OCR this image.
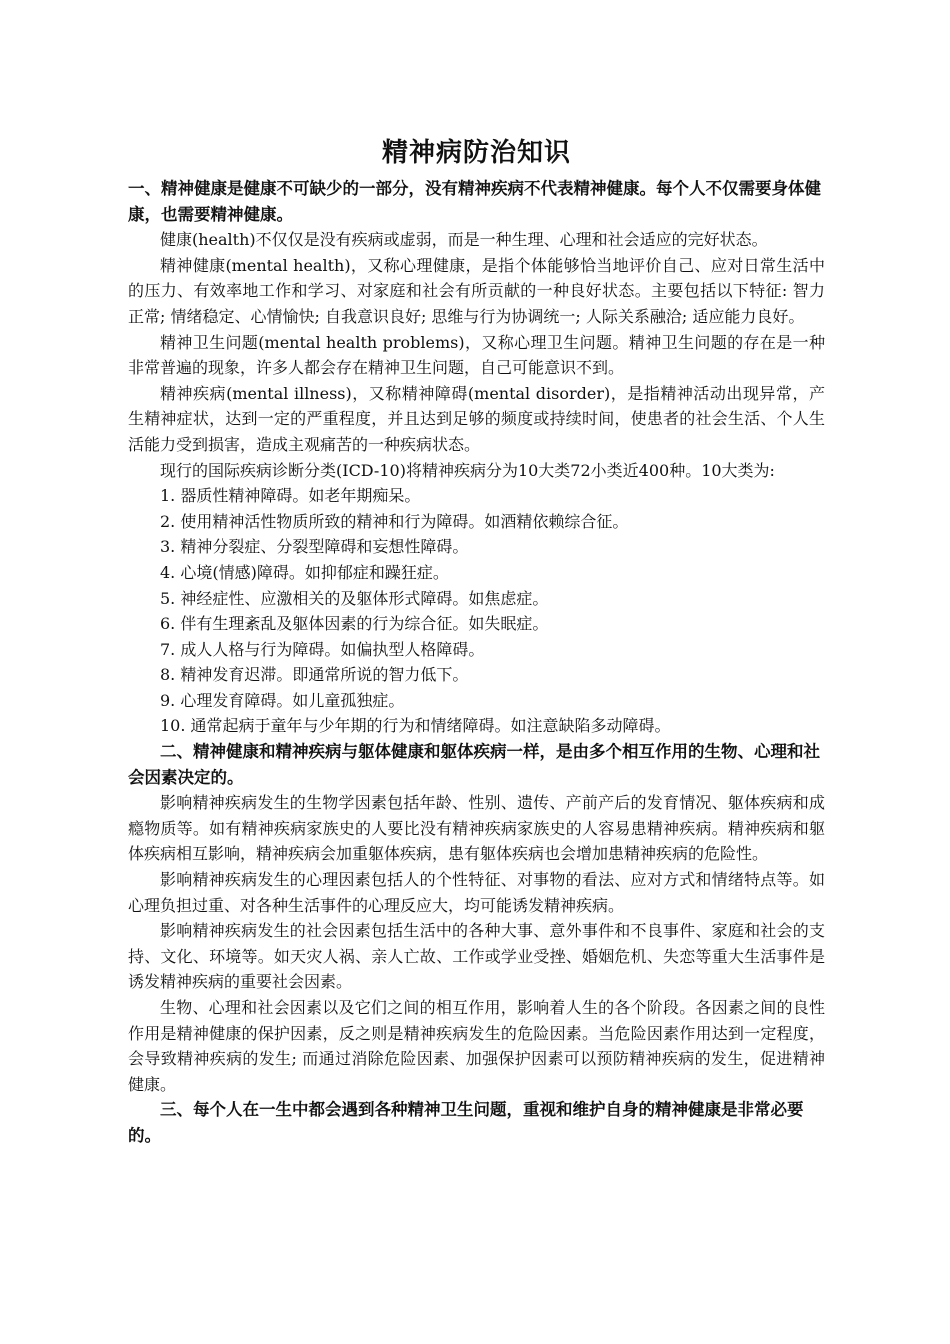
精神病防治知识

一、精神健康是健康不可缺少的一部分，没有精神疾病不代表精神健康。每个人不仅需要身体健康，也需要精神健康。

健康(health)不仅仅是没有疾病或虚弱，而是一种生理、心理和社会适应的完好状态。

精神健康(mental health)，又称心理健康，是指个体能够恰当地评价自己、应对日常生活中的压力、有效率地工作和学习、对家庭和社会有所贡献的一种良好状态。主要包括以下特征: 智力正常; 情绪稳定、心情愉快; 自我意识良好; 思维与行为协调统一; 人际关系融洽; 适应能力良好。

精神卫生问题(mental health problems)，又称心理卫生问题。精神卫生问题的存在是一种非常普遍的现象，许多人都会存在精神卫生问题，自己可能意识不到。

精神疾病(mental illness)，又称精神障碍(mental disorder)，是指精神活动出现异常，产生精神症状，达到一定的严重程度，并且达到足够的频度或持续时间，使患者的社会生活、个人生活能力受到损害，造成主观痛苦的一种疾病状态。

现行的国际疾病诊断分类(ICD-10)将精神疾病分为10大类72小类近400种。10大类为:

1. 器质性精神障碍。如老年期痴呆。
2. 使用精神活性物质所致的精神和行为障碍。如酒精依赖综合征。
3. 精神分裂症、分裂型障碍和妄想性障碍。
4. 心境(情感)障碍。如抑郁症和躁狂症。
5. 神经症性、应激相关的及躯体形式障碍。如焦虑症。
6. 伴有生理紊乱及躯体因素的行为综合征。如失眠症。
7. 成人人格与行为障碍。如偏执型人格障碍。
8. 精神发育迟滞。即通常所说的智力低下。
9. 心理发育障碍。如儿童孤独症。
10. 通常起病于童年与少年期的行为和情绪障碍。如注意缺陷多动障碍。

二、精神健康和精神疾病与躯体健康和躯体疾病一样，是由多个相互作用的生物、心理和社会因素决定的。

影响精神疾病发生的生物学因素包括年龄、性别、遗传、产前产后的发育情况、躯体疾病和成瘾物质等。如有精神疾病家族史的人要比没有精神疾病家族史的人容易患精神疾病。精神疾病和躯体疾病相互影响，精神疾病会加重躯体疾病，患有躯体疾病也会增加患精神疾病的危险性。

影响精神疾病发生的心理因素包括人的个性特征、对事物的看法、应对方式和情绪特点等。如心理负担过重、对各种生活事件的心理反应大，均可能诱发精神疾病。

影响精神疾病发生的社会因素包括生活中的各种大事、意外事件和不良事件、家庭和社会的支持、文化、环境等。如天灾人祸、亲人亡故、工作或学业受挫、婚姻危机、失恋等重大生活事件是诱发精神疾病的重要社会因素。

生物、心理和社会因素以及它们之间的相互作用，影响着人生的各个阶段。各因素之间的良性作用是精神健康的保护因素，反之则是精神疾病发生的危险因素。当危险因素作用达到一定程度，会导致精神疾病的发生; 而通过消除危险因素、加强保护因素可以预防精神疾病的发生，促进精神健康。

三、每个人在一生中都会遇到各种精神卫生问题，重视和维护自身的精神健康是非常必要的。
